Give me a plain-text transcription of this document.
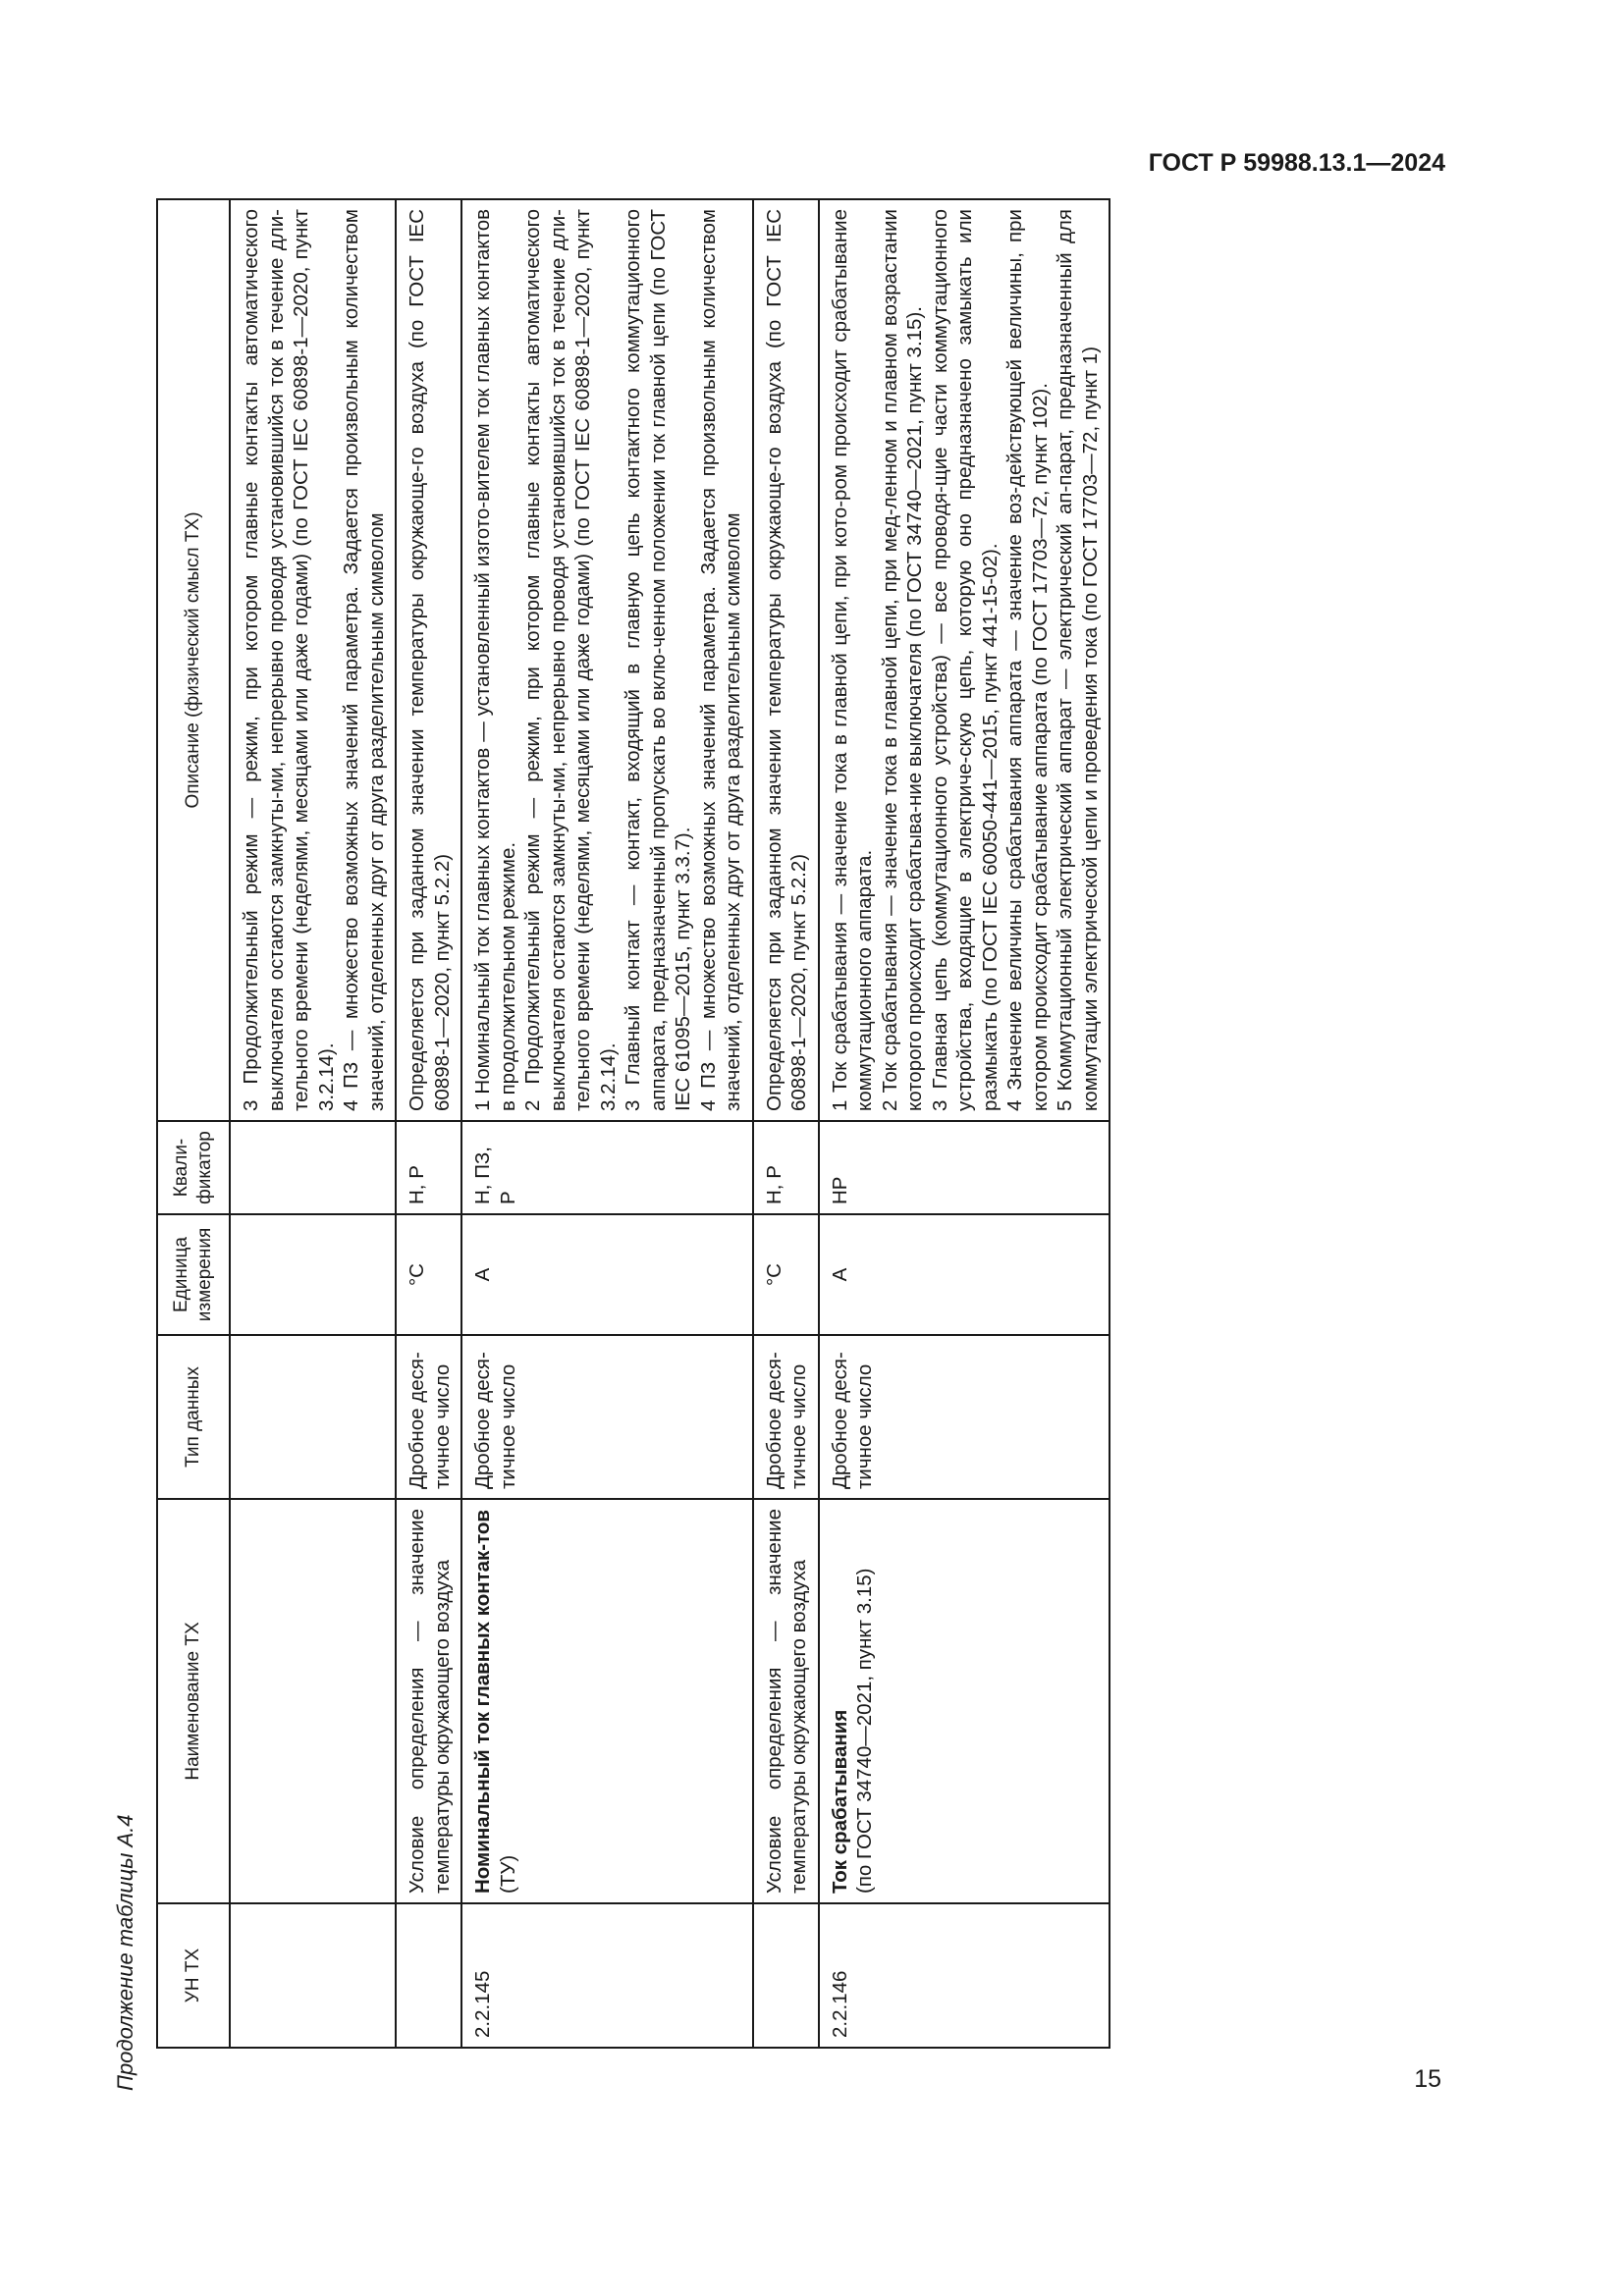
ГОСТ Р 59988.13.1—2024
Продолжение таблицы А.4 УН ТХ	Наименование ТХ	Тип данных	Единица измерения	Квали-фикатор	Описание (физический смысл ТХ)

					3 Продолжительный режим — режим, при котором главные контакты автоматического выключателя остаются замкнуты-ми, непрерывно проводя установившийся ток в течение дли-тельного времени (неделями, месяцами или даже годами) (по ГОСТ IEC 60898-1—2020, пункт 3.2.14). 4 ПЗ — множество возможных значений параметра. Задается произвольным количеством значений, отделенных друг от друга разделительным символом

	Условие определения — значение температуры окружающего воздуха	Дробное деся-тичное число	°C	Н, Р	Определяется при заданном значении температуры окружающе-го воздуха (по ГОСТ IEC 60898-1—2020, пункт 5.2.2)

2.2.145	Номинальный ток главных контак-тов (ТУ)	Дробное деся-тичное число	А	Н, ПЗ, Р	1 Номинальный ток главных контактов — установленный изгото-вителем ток главных контактов в продолжительном режиме. 2 Продолжительный режим — режим, при котором главные контакты автоматического выключателя остаются замкнуты-ми, непрерывно проводя установившийся ток в течение дли-тельного времени (неделями, месяцами или даже годами) (по ГОСТ IEC 60898-1—2020, пункт 3.2.14). 3 Главный контакт — контакт, входящий в главную цепь контактного коммутационного аппарата, предназначенный пропускать во вклю-ченном положении ток главной цепи (по ГОСТ IEC 61095—2015, пункт 3.3.7). 4 ПЗ — множество возможных значений параметра. Задается произвольным количеством значений, отделенных друг от друга разделительным символом

	Условие определения — значение температуры окружающего воздуха	Дробное деся-тичное число	°C	Н, Р	Определяется при заданном значении температуры окружающе-го воздуха (по ГОСТ IEC 60898-1—2020, пункт 5.2.2)

2.2.146	Ток срабатывания (по ГОСТ 34740—2021, пункт 3.15)	Дробное деся-тичное число	А	НР	1 Ток срабатывания — значение тока в главной цепи, при кото-ром происходит срабатывание коммутационного аппарата. 2 Ток срабатывания — значение тока в главной цепи, при мед-ленном и плавном возрастании которого происходит срабатыва-ние выключателя (по ГОСТ 34740—2021, пункт 3.15). 3 Главная цепь (коммутационного устройства) — все проводя-щие части коммутационного устройства, входящие в электриче-скую цепь, которую оно предназначено замыкать или размыкать (по ГОСТ IEC 60050-441—2015, пункт 441-15-02). 4 Значение величины срабатывания аппарата — значение воз-действующей величины, при котором происходит срабатывание аппарата (по ГОСТ 17703—72, пункт 102). 5 Коммутационный электрический аппарат — электрический ап-парат, предназначенный для коммутации электрической цепи и проведения тока (по ГОСТ 17703—72, пункт 1)
15
